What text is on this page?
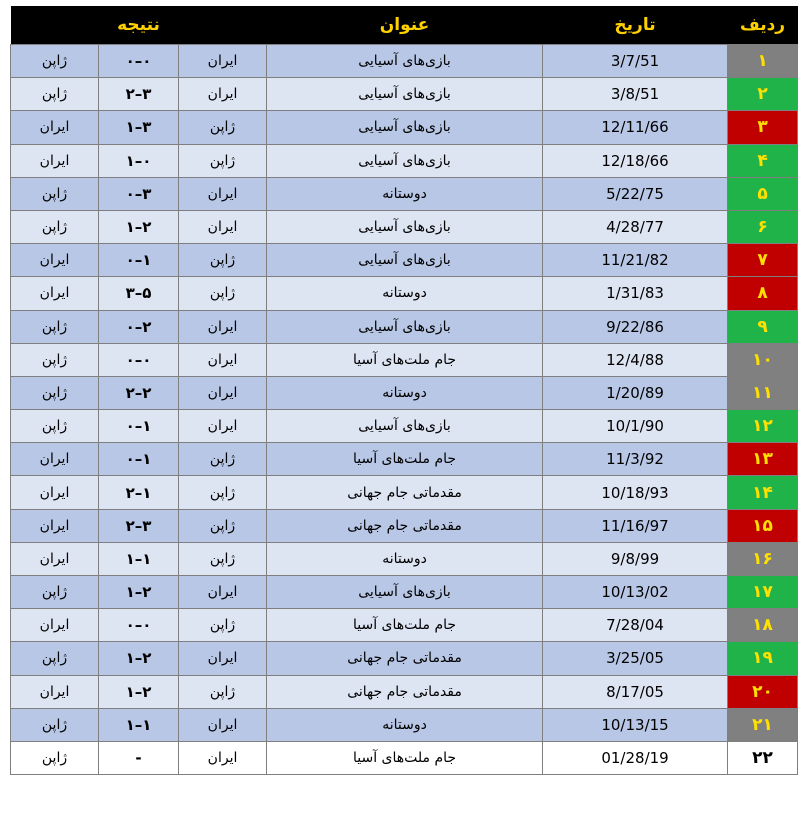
نتیجه			عنوان	تاریخ	ردیف
ژاپن	۰–۰	ایران	بازی‌های آسیایی	3/7/51	۱
ژاپن	۲–۳	ایران	بازی‌های آسیایی	3/8/51	۲
ایران	۱–۳	ژاپن	بازی‌های آسیایی	12/11/66	۳
ایران	۱–۰	ژاپن	بازی‌های آسیایی	12/18/66	۴
ژاپن	۰–۳	ایران	دوستانه	5/22/75	۵
ژاپن	۱–۲	ایران	بازی‌های آسیایی	4/28/77	۶
ایران	۰–۱	ژاپن	بازی‌های آسیایی	11/21/82	۷
ایران	۳–۵	ژاپن	دوستانه	1/31/83	۸
ژاپن	۰–۲	ایران	بازی‌های آسیایی	9/22/86	۹
ژاپن	۰–۰	ایران	جام ملت‌های آسیا	12/4/88	۱۰
ژاپن	۲–۲	ایران	دوستانه	1/20/89	۱۱
ژاپن	۰–۱	ایران	بازی‌های آسیایی	10/1/90	۱۲
ایران	۰–۱	ژاپن	جام ملت‌های آسیا	11/3/92	۱۳
ایران	۲–۱	ژاپن	مقدماتی جام جهانی	10/18/93	۱۴
ایران	۲–۳	ژاپن	مقدماتی جام جهانی	11/16/97	۱۵
ایران	۱–۱	ژاپن	دوستانه	9/8/99	۱۶
ژاپن	۱–۲	ایران	بازی‌های آسیایی	10/13/02	۱۷
ایران	۰–۰	ژاپن	جام ملت‌های آسیا	7/28/04	۱۸
ژاپن	۱–۲	ایران	مقدماتی جام جهانی	3/25/05	۱۹
ایران	۱–۲	ژاپن	مقدماتی جام جهانی	8/17/05	۲۰
ژاپن	۱–۱	ایران	دوستانه	10/13/15	۲۱
ژاپن	-	ایران	جام ملت‌های آسیا	01/28/19	۲۲
